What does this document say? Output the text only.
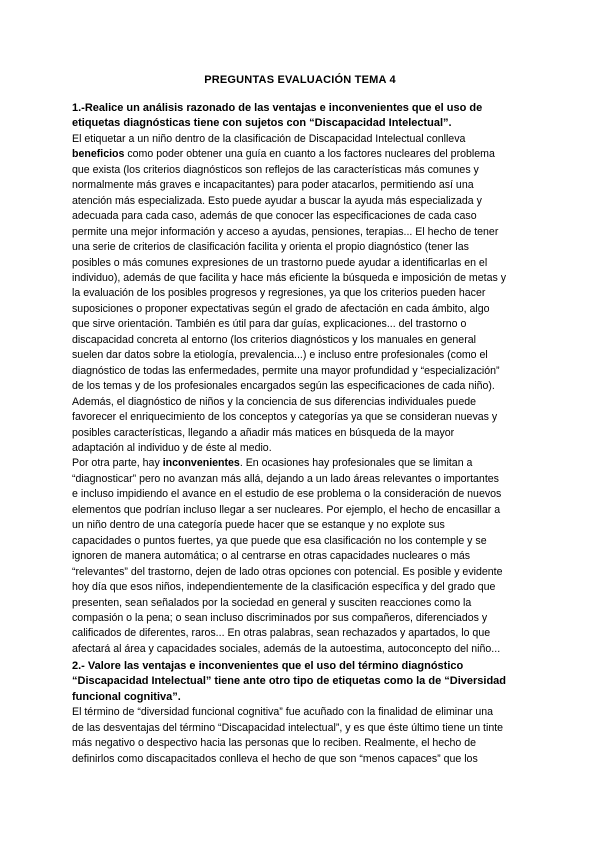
PREGUNTAS EVALUACIÓN TEMA 4

1.-Realice un análisis razonado de las ventajas e inconvenientes que el uso de
etiquetas diagnósticas tiene con sujetos con “Discapacidad Intelectual”.
El etiquetar a un niño dentro de la clasificación de Discapacidad Intelectual conlleva
beneficios como poder obtener una guía en cuanto a los factores nucleares del problema
que exista (los criterios diagnósticos son reflejos de las características más comunes y
normalmente más graves e incapacitantes) para poder atacarlos, permitiendo así una
atención más especializada. Esto puede ayudar a buscar la ayuda más especializada y
adecuada para cada caso, además de que conocer las especificaciones de cada caso
permite una mejor información y acceso a ayudas, pensiones, terapias... El hecho de tener
una serie de criterios de clasificación facilita y orienta el propio diagnóstico (tener las
posibles o más comunes expresiones de un trastorno puede ayudar a identificarlas en el
individuo), además de que facilita y hace más eficiente la búsqueda e imposición de metas y
la evaluación de los posibles progresos y regresiones, ya que los criterios pueden hacer
suposiciones o proponer expectativas según el grado de afectación en cada ámbito, algo
que sirve orientación. También es útil para dar guías, explicaciones... del trastorno o
discapacidad concreta al entorno (los criterios diagnósticos y los manuales en general
suelen dar datos sobre la etiología, prevalencia...) e incluso entre profesionales (como el
diagnóstico de todas las enfermedades, permite una mayor profundidad y “especialización”
de los temas y de los profesionales encargados según las especificaciones de cada niño).
Además, el diagnóstico de niños y la conciencia de sus diferencias individuales puede
favorecer el enriquecimiento de los conceptos y categorías ya que se consideran nuevas y
posibles características, llegando a añadir más matices en búsqueda de la mayor
adaptación al individuo y de éste al medio.
Por otra parte, hay inconvenientes. En ocasiones hay profesionales que se limitan a
“diagnosticar” pero no avanzan más allá, dejando a un lado áreas relevantes o importantes
e incluso impidiendo el avance en el estudio de ese problema o la consideración de nuevos
elementos que podrían incluso llegar a ser nucleares. Por ejemplo, el hecho de encasillar a
un niño dentro de una categoría puede hacer que se estanque y no explote sus
capacidades o puntos fuertes, ya que puede que esa clasificación no los contemple y se
ignoren de manera automática; o al centrarse en otras capacidades nucleares o más
“relevantes” del trastorno, dejen de lado otras opciones con potencial. Es posible y evidente
hoy día que esos niños, independientemente de la clasificación específica y del grado que
presenten, sean señalados por la sociedad en general y susciten reacciones como la
compasión o la pena; o sean incluso discriminados por sus compañeros, diferenciados y
calificados de diferentes, raros... En otras palabras, sean rechazados y apartados, lo que
afectará al área y capacidades sociales, además de la autoestima, autoconcepto del niño...
2.- Valore las ventajas e inconvenientes que el uso del término diagnóstico
“Discapacidad Intelectual” tiene ante otro tipo de etiquetas como la de “Diversidad
funcional cognitiva”.
El término de “diversidad funcional cognitiva” fue acuñado con la finalidad de eliminar una
de las desventajas del término “Discapacidad intelectual”, y es que éste último tiene un tinte
más negativo o despectivo hacia las personas que lo reciben. Realmente, el hecho de
definirlos como discapacitados conlleva el hecho de que son “menos capaces” que los
